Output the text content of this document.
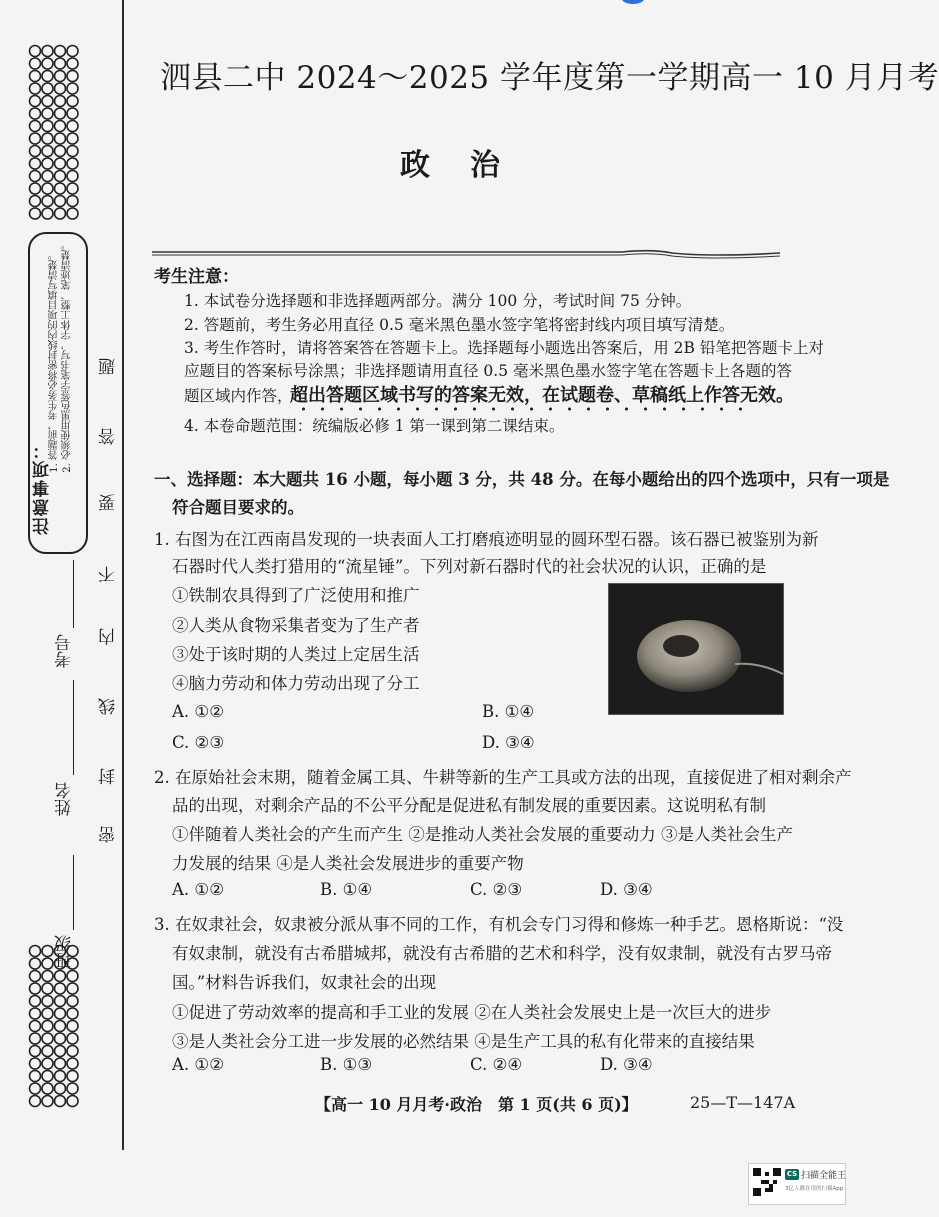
注意事项：
1. 答题前，考生务必将密封线内的项目填写清楚。 2. 必须使用黑色签字笔书写，字体工整、笔迹清楚。
密
封
线
内
不
要
答
题
班级
姓名
考号
泗县二中 2024～2025 学年度第一学期高一 10 月月考
政治
考生注意：
1. 本试卷分选择题和非选择题两部分。满分 100 分，考试时间 75 分钟。
2. 答题前，考生务必用直径 0.5 毫米黑色墨水签字笔将密封线内项目填写清楚。
3. 考生作答时，请将答案答在答题卡上。选择题每小题选出答案后，用 2B 铅笔把答题卡上对
应题目的答案标号涂黑；非选择题请用直径 0.5 毫米黑色墨水签字笔在答题卡上各题的答
题区域内作答，
超出答题区域书写的答案无效，在试题卷、草稿纸上作答无效。
4. 本卷命题范围：统编版必修 1 第一课到第二课结束。
一、选择题：本大题共 16 小题，每小题 3 分，共 48 分。在每小题给出的四个选项中，只有一项是
符合题目要求的。
1. 右图为在江西南昌发现的一块表面人工打磨痕迹明显的圆环型石器。该石器已被鉴别为新
石器时代人类打猎用的“流星锤”。下列对新石器时代的社会状况的认识，正确的是
①铁制农具得到了广泛使用和推广
②人类从食物采集者变为了生产者
③处于该时期的人类过上定居生活
④脑力劳动和体力劳动出现了分工
A. ①②	B. ①④
C. ②③	D. ③④
2. 在原始社会末期，随着金属工具、牛耕等新的生产工具或方法的出现，直接促进了相对剩余产
品的出现，对剩余产品的不公平分配是促进私有制发展的重要因素。这说明私有制
①伴随着人类社会的产生而产生 ②是推动人类社会发展的重要动力 ③是人类社会生产
力发展的结果 ④是人类社会发展进步的重要产物
A. ①②	B. ①④	C. ②③	D. ③④
3. 在奴隶社会，奴隶被分派从事不同的工作，有机会专门习得和修炼一种手艺。恩格斯说：“没
有奴隶制，就没有古希腊城邦，就没有古希腊的艺术和科学，没有奴隶制，就没有古罗马帝
国。”材料告诉我们，奴隶社会的出现
①促进了劳动效率的提高和手工业的发展 ②在人类社会发展史上是一次巨大的进步
③是人类社会分工进一步发展的必然结果 ④是生产工具的私有化带来的直接结果
A. ①②	B. ①③	C. ②④	D. ③④
【高一 10 月月考·政治　第 1 页(共 6 页)】	25—T—147A
CS 扫描全能王
3亿人都在用的扫描App
